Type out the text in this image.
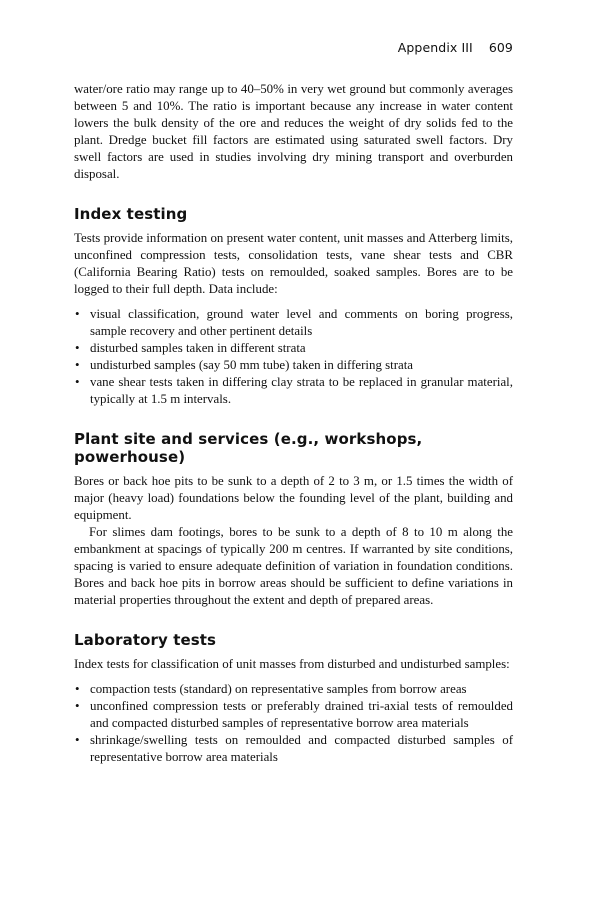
Appendix III 609

water/ore ratio may range up to 40–50% in very wet ground but commonly averages between 5 and 10%. The ratio is important because any increase in water content lowers the bulk density of the ore and reduces the weight of dry solids fed to the plant. Dredge bucket fill factors are estimated using saturated swell factors. Dry swell factors are used in studies involving dry mining transport and overburden disposal.

Index testing

Tests provide information on present water content, unit masses and Atterberg limits, unconfined compression tests, consolidation tests, vane shear tests and CBR (California Bearing Ratio) tests on remoulded, soaked samples. Bores are to be logged to their full depth. Data include:

• visual classification, ground water level and comments on boring progress, sample recovery and other pertinent details
• disturbed samples taken in different strata
• undisturbed samples (say 50 mm tube) taken in differing strata
• vane shear tests taken in differing clay strata to be replaced in granular material, typically at 1.5 m intervals.
Plant site and services (e.g., workshops, powerhouse)

Bores or back hoe pits to be sunk to a depth of 2 to 3 m, or 1.5 times the width of major (heavy load) foundations below the founding level of the plant, building and equipment.

For slimes dam footings, bores to be sunk to a depth of 8 to 10 m along the embankment at spacings of typically 200 m centres. If warranted by site conditions, spacing is varied to ensure adequate definition of variation in foundation conditions. Bores and back hoe pits in borrow areas should be sufficient to define variations in material properties throughout the extent and depth of prepared areas.

Laboratory tests

Index tests for classification of unit masses from disturbed and undisturbed samples:

• compaction tests (standard) on representative samples from borrow areas
• unconfined compression tests or preferably drained tri-axial tests of remoulded and compacted disturbed samples of representative borrow area materials
• shrinkage/swelling tests on remoulded and compacted disturbed samples of representative borrow area materials
